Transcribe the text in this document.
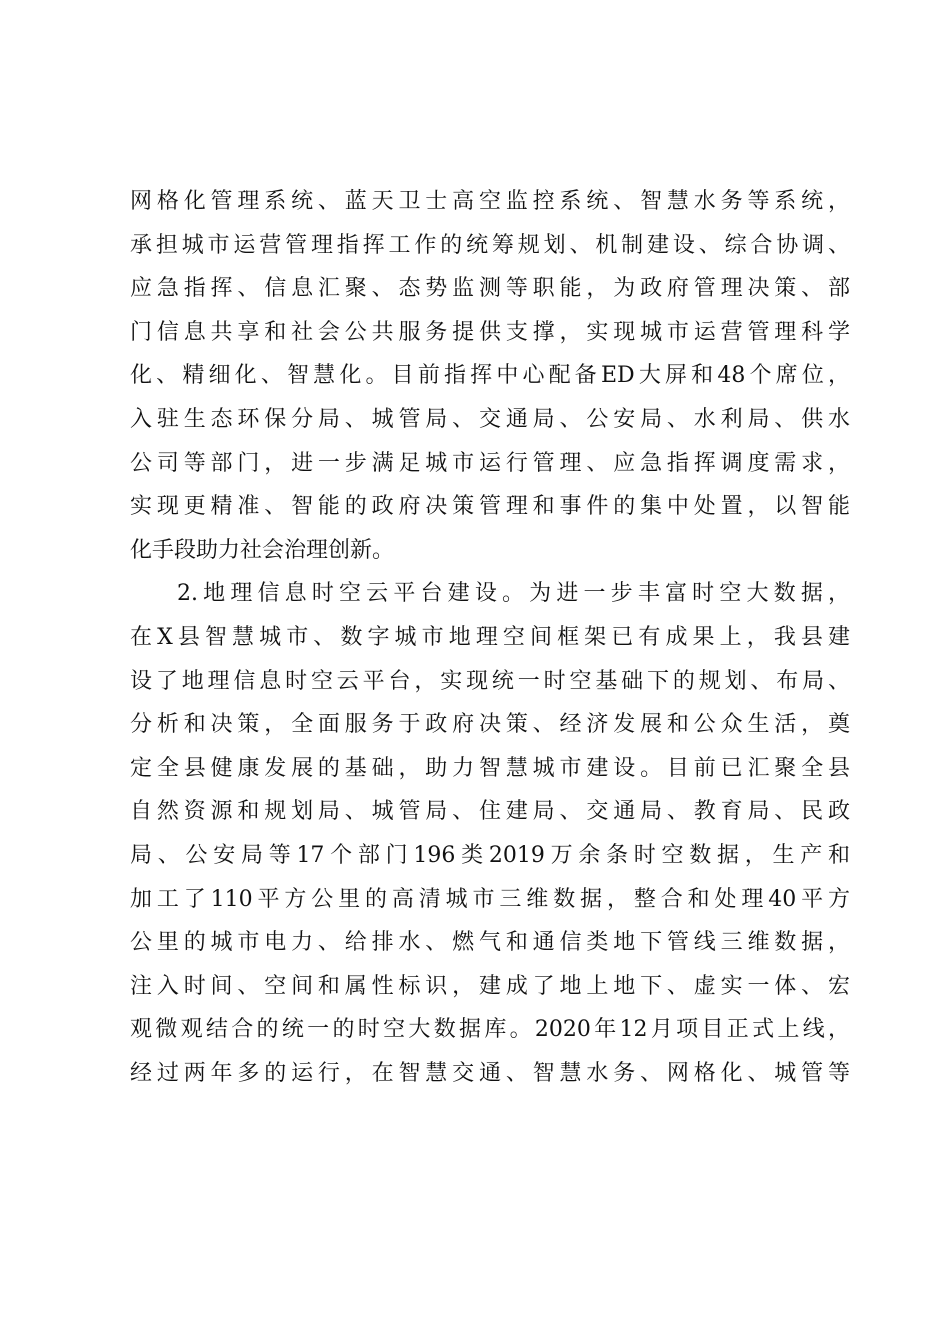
网格化管理系统、蓝天卫士高空监控系统、智慧水务等系统，
承担城市运营管理指挥工作的统筹规划、机制建设、综合协调、
应急指挥、信息汇聚、态势监测等职能，为政府管理决策、部
门信息共享和社会公共服务提供支撑，实现城市运营管理科学
化、精细化、智慧化。目前指挥中心配备ED大屏和48个席位，
入驻生态环保分局、城管局、交通局、公安局、水利局、供水
公司等部门，进一步满足城市运行管理、应急指挥调度需求，
实现更精准、智能的政府决策管理和事件的集中处置，以智能
化手段助力社会治理创新。
2.地理信息时空云平台建设。为进一步丰富时空大数据，
在X县智慧城市、数字城市地理空间框架已有成果上，我县建
设了地理信息时空云平台，实现统一时空基础下的规划、布局、
分析和决策，全面服务于政府决策、经济发展和公众生活，奠
定全县健康发展的基础，助力智慧城市建设。目前已汇聚全县
自然资源和规划局、城管局、住建局、交通局、教育局、民政
局、公安局等17个部门196类2019万余条时空数据，生产和
加工了110平方公里的高清城市三维数据，整合和处理40平方
公里的城市电力、给排水、燃气和通信类地下管线三维数据，
注入时间、空间和属性标识，建成了地上地下、虚实一体、宏
观微观结合的统一的时空大数据库。2020年12月项目正式上线，
经过两年多的运行，在智慧交通、智慧水务、网格化、城管等
